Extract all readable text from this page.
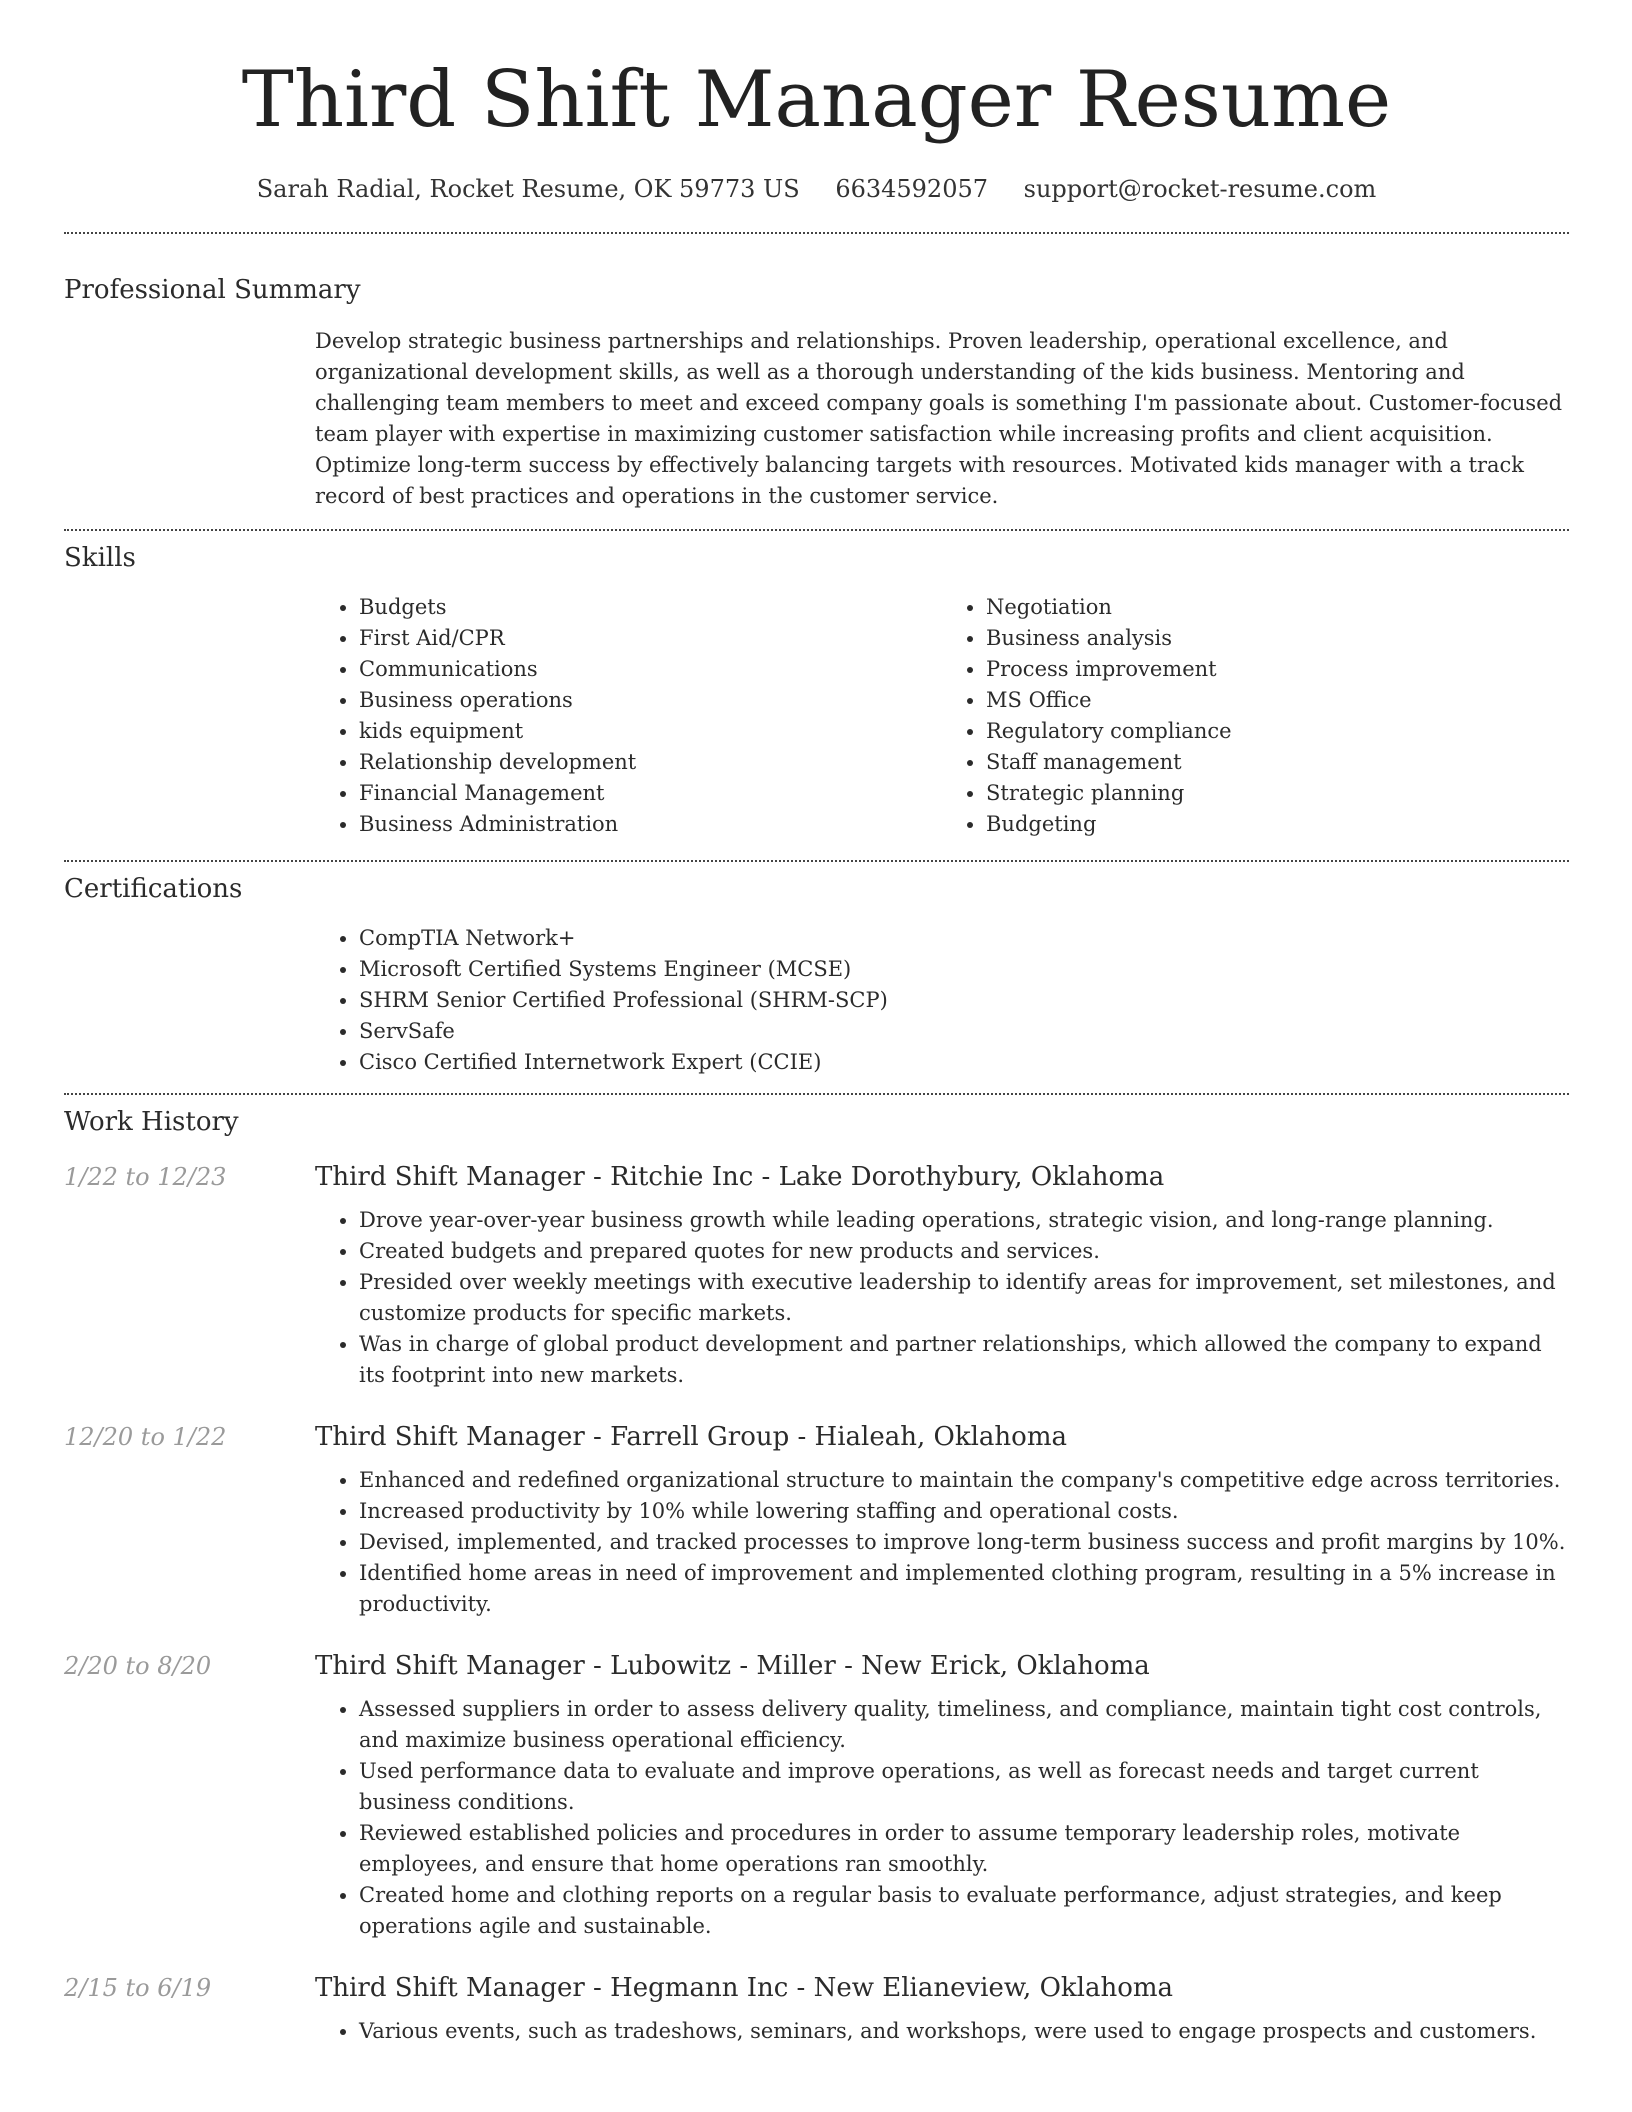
Third Shift Manager Resume
Sarah Radial, Rocket Resume, OK 59773 US 6634592057 support@rocket-resume.com
Professional Summary

Develop strategic business partnerships and relationships. Proven leadership, operational excellence, and organizational development skills, as well as a thorough understanding of the kids business. Mentoring and challenging team members to meet and exceed company goals is something I'm passionate about. Customer-focused team player with expertise in maximizing customer satisfaction while increasing profits and client acquisition. Optimize long-term success by effectively balancing targets with resources. Motivated kids manager with a track record of best practices and operations in the customer service.

Skills
• Budgets
• First Aid/CPR
• Communications
• Business operations
• kids equipment
• Relationship development
• Financial Management
• Business Administration
• Negotiation
• Business analysis
• Process improvement
• MS Office
• Regulatory compliance
• Staff management
• Strategic planning
• Budgeting
Certifications
• CompTIA Network+
• Microsoft Certified Systems Engineer (MCSE)
• SHRM Senior Certified Professional (SHRM-SCP)
• ServSafe
• Cisco Certified Internetwork Expert (CCIE)
Work History
1/22 to 12/23	Third Shift Manager - Ritchie Inc - Lake Dorothybury, Oklahoma
• Drove year-over-year business growth while leading operations, strategic vision, and long-range planning.
• Created budgets and prepared quotes for new products and services.
• Presided over weekly meetings with executive leadership to identify areas for improvement, set milestones, and customize products for specific markets.
• Was in charge of global product development and partner relationships, which allowed the company to expand its footprint into new markets.
12/20 to 1/22	Third Shift Manager - Farrell Group - Hialeah, Oklahoma
• Enhanced and redefined organizational structure to maintain the company's competitive edge across territories.
• Increased productivity by 10% while lowering staffing and operational costs.
• Devised, implemented, and tracked processes to improve long-term business success and profit margins by 10%.
• Identified home areas in need of improvement and implemented clothing program, resulting in a 5% increase in productivity.
2/20 to 8/20	Third Shift Manager - Lubowitz - Miller - New Erick, Oklahoma
• Assessed suppliers in order to assess delivery quality, timeliness, and compliance, maintain tight cost controls, and maximize business operational efficiency.
• Used performance data to evaluate and improve operations, as well as forecast needs and target current business conditions.
• Reviewed established policies and procedures in order to assume temporary leadership roles, motivate employees, and ensure that home operations ran smoothly.
• Created home and clothing reports on a regular basis to evaluate performance, adjust strategies, and keep operations agile and sustainable.
2/15 to 6/19	Third Shift Manager - Hegmann Inc - New Elianeview, Oklahoma
• Various events, such as tradeshows, seminars, and workshops, were used to engage prospects and customers.
